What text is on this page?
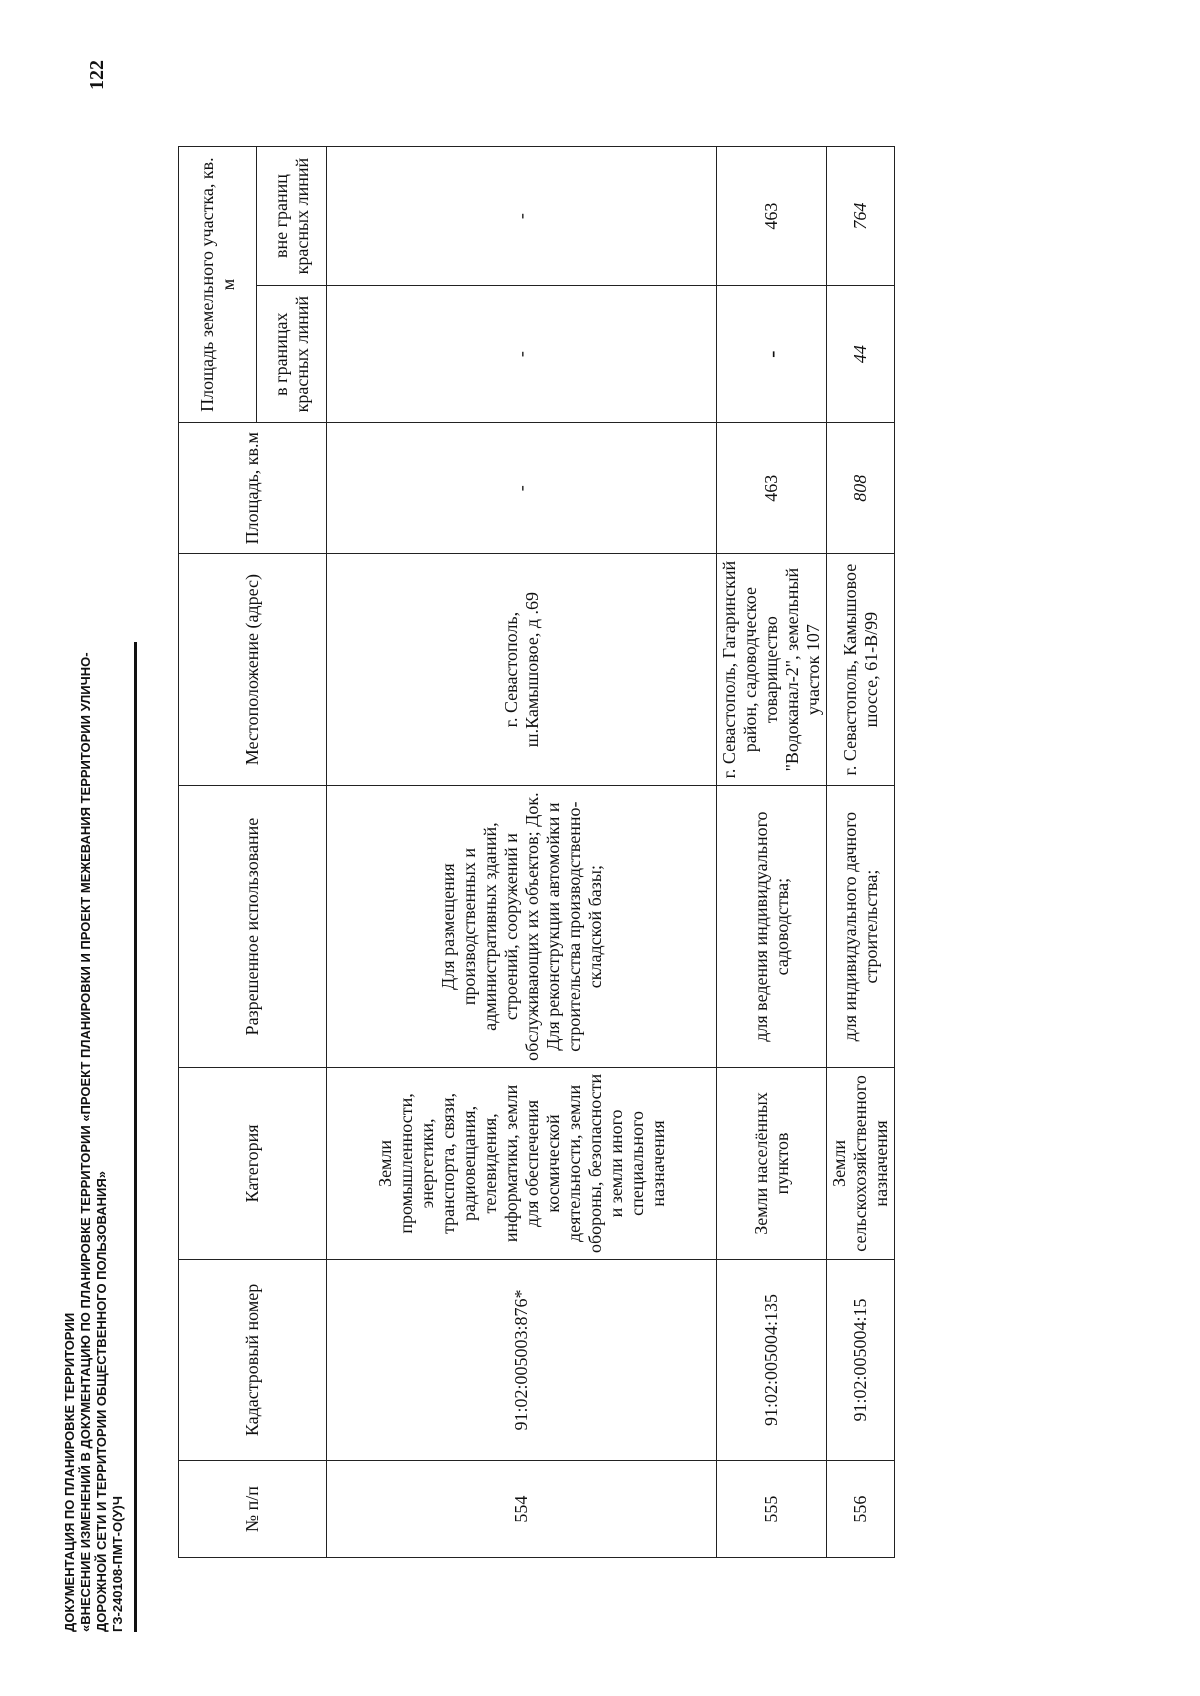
122
ДОКУМЕНТАЦИЯ ПО ПЛАНИРОВКЕ ТЕРРИТОРИИ «ВНЕСЕНИЕ ИЗМЕНЕНИЙ В ДОКУМЕНТАЦИЮ ПО ПЛАНИРОВКЕ ТЕРРИТОРИИ «ПРОЕКТ ПЛАНИРОВКИ И ПРОЕКТ МЕЖЕВАНИЯ ТЕРРИТОРИИ УЛИЧНО- ДОРОЖНОЙ СЕТИ И ТЕРРИТОРИИ ОБЩЕСТВЕННОГО ПОЛЬЗОВАНИЯ» ГЗ-240108-ПМТ-О(У)Ч	№ п/п	Кадастровый номер	Категория	Разрешенное использование	Местоположение (адрес)	Площадь, кв.м	Площадь земельного участка, кв. м	
						в границах красных линий	вне границ красных линий
554	91:02:005003:876*	Земли промышленности, энергетики, транспорта, связи, радиовещания, телевидения, информатики, земли для обеспечения космической деятельности, земли обороны, безопасности и земли иного специального назначения	Для размещения производственных и административных зданий, строений, сооружений и обслуживающих их объектов; Док. Для реконструкции автомойки и строительства производственно-складской базы;	г. Севастополь, ш.Камышовое, д .69	-	-	-
555	91:02:005004:135	Земли населённых пунктов	для ведения индивидуального садоводства;	г. Севастополь, Гагаринский район, садоводческое товарищество "Водоканал-2", земельный участок 107	463	-	463
556	91:02:005004:15	Земли сельскохозяйственного назначения	для индивидуального дачного строительства;	г. Севастополь, Камышовое шоссе, 61-В/99	808	44	764
